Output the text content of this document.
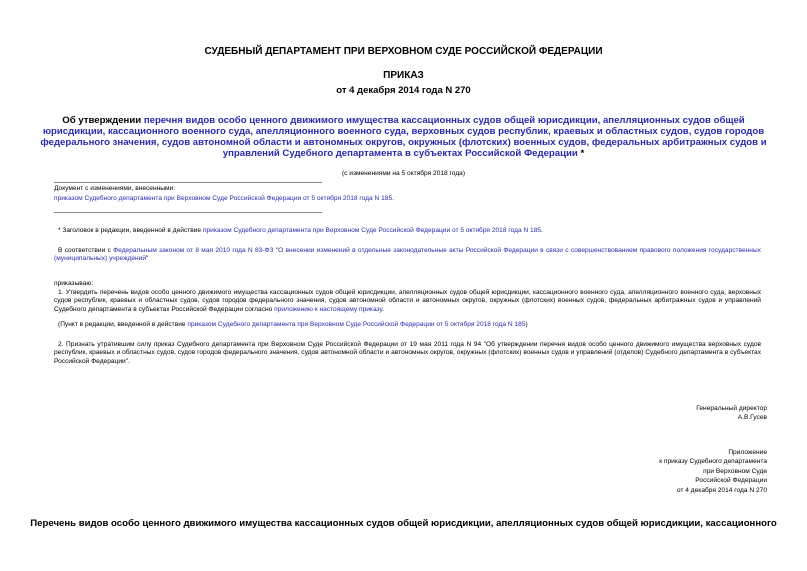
СУДЕБНЫЙ ДЕПАРТАМЕНТ ПРИ ВЕРХОВНОМ СУДЕ РОССИЙСКОЙ ФЕДЕРАЦИИ
ПРИКАЗ
от 4 декабря 2014 года N 270
Об утверждении перечня видов особо ценного движимого имущества кассационных судов общей юрисдикции, апелляционных судов общей юрисдикции, кассационного военного суда, апелляционного военного суда, верховных судов республик, краевых и областных судов, судов городов федерального значения, судов автономной области и автономных округов, окружных (флотских) военных судов, федеральных арбитражных судов и управлений Судебного департамента в субъектах Российской Федерации *
(с изменениями на 5 октября 2018 года)
Документ с изменениями, внесенными:
приказом Судебного департамента при Верховном Суде Российской Федерации от 5 октября 2018 года N 185.
* Заголовок в редакции, введенной в действие приказом Судебного департамента при Верховном Суде Российской Федерации от 5 октября 2018 года N 185.
В соответствии с Федеральным законом от 8 мая 2010 года N 83-ФЗ "О внесении изменений в отдельные законодательные акты Российской Федерации в связи с совершенствованием правового положения государственных (муниципальных) учреждений"
приказываю:
1. Утвердить перечень видов особо ценного движимого имущества кассационных судов общей юрисдикции, апелляционных судов общей юрисдикции, кассационного военного суда, апелляционного военного суда, верховных судов республик, краевых и областных судов, судов городов федерального значения, судов автономной области и автономных округов, окружных (флотских) военных судов, федеральных арбитражных судов и управлений Судебного департамента в субъектах Российской Федерации согласно приложению к настоящему приказу.
(Пункт в редакции, введенной в действие приказом Судебного департамента при Верховном Суде Российской Федерации от 5 октября 2018 года N 185)
2. Признать утратившим силу приказ Судебного департамента при Верховном Суде Российской Федерации от 19 мая 2011 года N 94 "Об утверждении перечня видов особо ценного движимого имущества верховных судов республик, краевых и областных судов, судов городов федерального значения, судов автономной области и автономных округов, окружных (флотских) военных судов и управлений (отделов) Судебного департамента в субъектах Российской Федерации".
Генеральный директор
А.В.Гусев
Приложение
к приказу Судебного департамента
при Верховном Суде
Российской Федерации
от 4 декабря 2014 года N 270
Перечень видов особо ценного движимого имущества кассационных судов общей юрисдикции, апелляционных судов общей юрисдикции, кассационного
